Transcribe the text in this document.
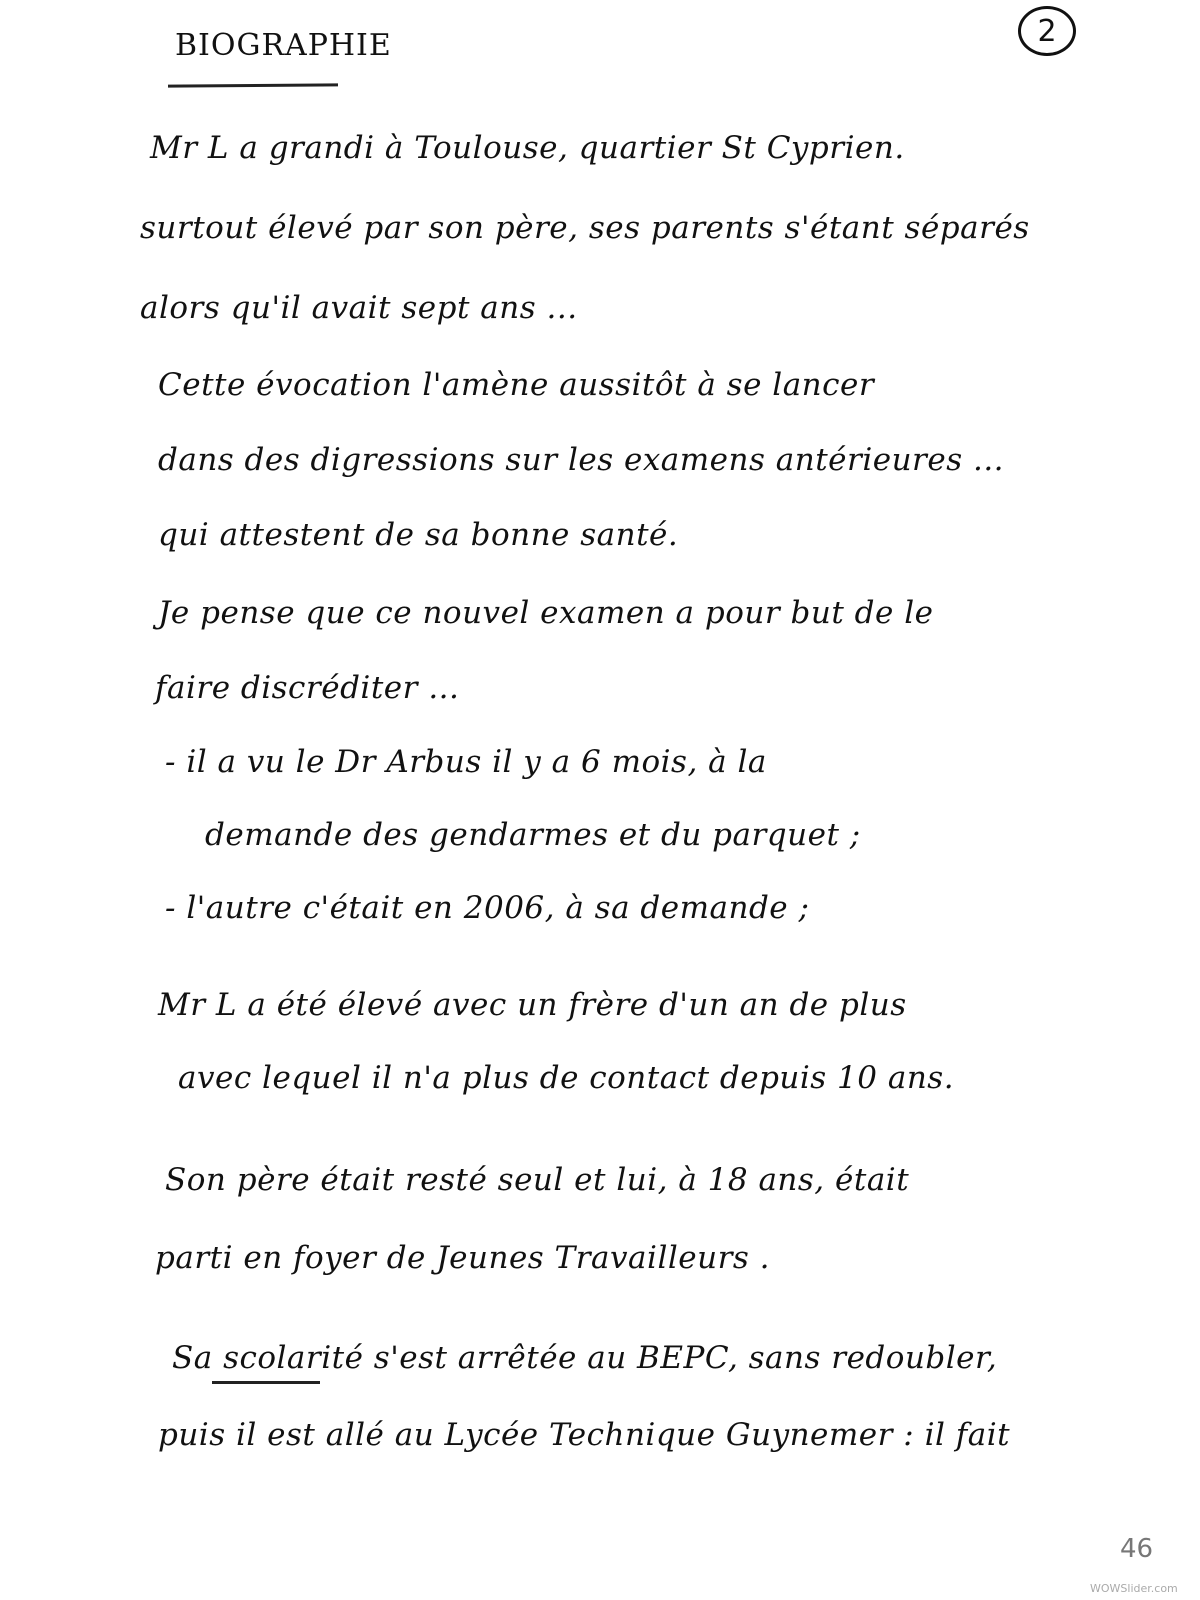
BIOGRAPHIE	2
Mr L a grandi à Toulouse, quartier St Cyprien.
surtout élevé par son père, ses parents s'étant séparés
alors qu'il avait sept ans ...
Cette évocation l'amène aussitôt à se lancer
dans des digressions sur les examens antérieures ...
qui attestent de sa bonne santé.
Je pense que ce nouvel examen a pour but de le
faire discréditer ...
- il a vu le Dr Arbus il y a 6 mois, à la
demande des gendarmes et du parquet ;
- l'autre c'était en 2006, à sa demande ;
Mr L a été élevé avec un frère d'un an de plus
avec lequel il n'a plus de contact depuis 10 ans.
Son père était resté seul et lui, à 18 ans, était
parti en foyer de Jeunes Travailleurs .
Sa scolarité s'est arrêtée au BEPC, sans redoubler,
puis il est allé au Lycée Technique Guynemer : il fait
46
WOWSlider.com
